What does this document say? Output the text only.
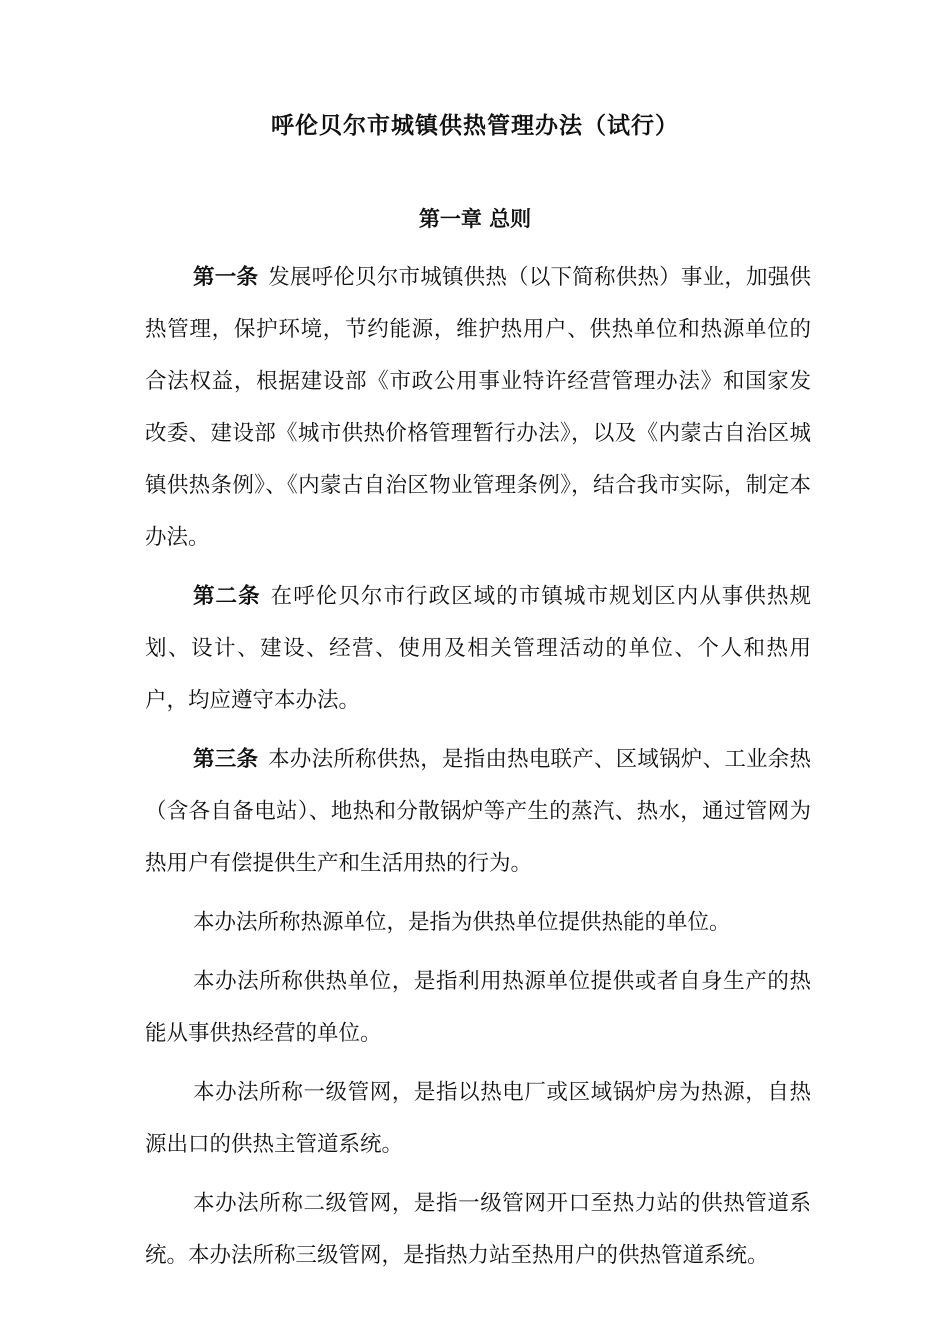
呼伦贝尔市城镇供热管理办法（试行）
第一章 总则

第一条 发展呼伦贝尔市城镇供热（以下简称供热）事业，加强供热管理，保护环境，节约能源，维护热用户、供热单位和热源单位的合法权益，根据建设部《市政公用事业特许经营管理办法》和国家发改委、建设部《城市供热价格管理暂行办法》，以及《内蒙古自治区城镇供热条例》、《内蒙古自治区物业管理条例》，结合我市实际，制定本办法。

第二条 在呼伦贝尔市行政区域的市镇城市规划区内从事供热规划、设计、建设、经营、使用及相关管理活动的单位、个人和热用户，均应遵守本办法。

第三条 本办法所称供热，是指由热电联产、区域锅炉、工业余热（含各自备电站）、地热和分散锅炉等产生的蒸汽、热水，通过管网为热用户有偿提供生产和生活用热的行为。

本办法所称热源单位，是指为供热单位提供热能的单位。

本办法所称供热单位，是指利用热源单位提供或者自身生产的热能从事供热经营的单位。

本办法所称一级管网，是指以热电厂或区域锅炉房为热源，自热源出口的供热主管道系统。

本办法所称二级管网，是指一级管网开口至热力站的供热管道系统。本办法所称三级管网，是指热力站至热用户的供热管道系统。
